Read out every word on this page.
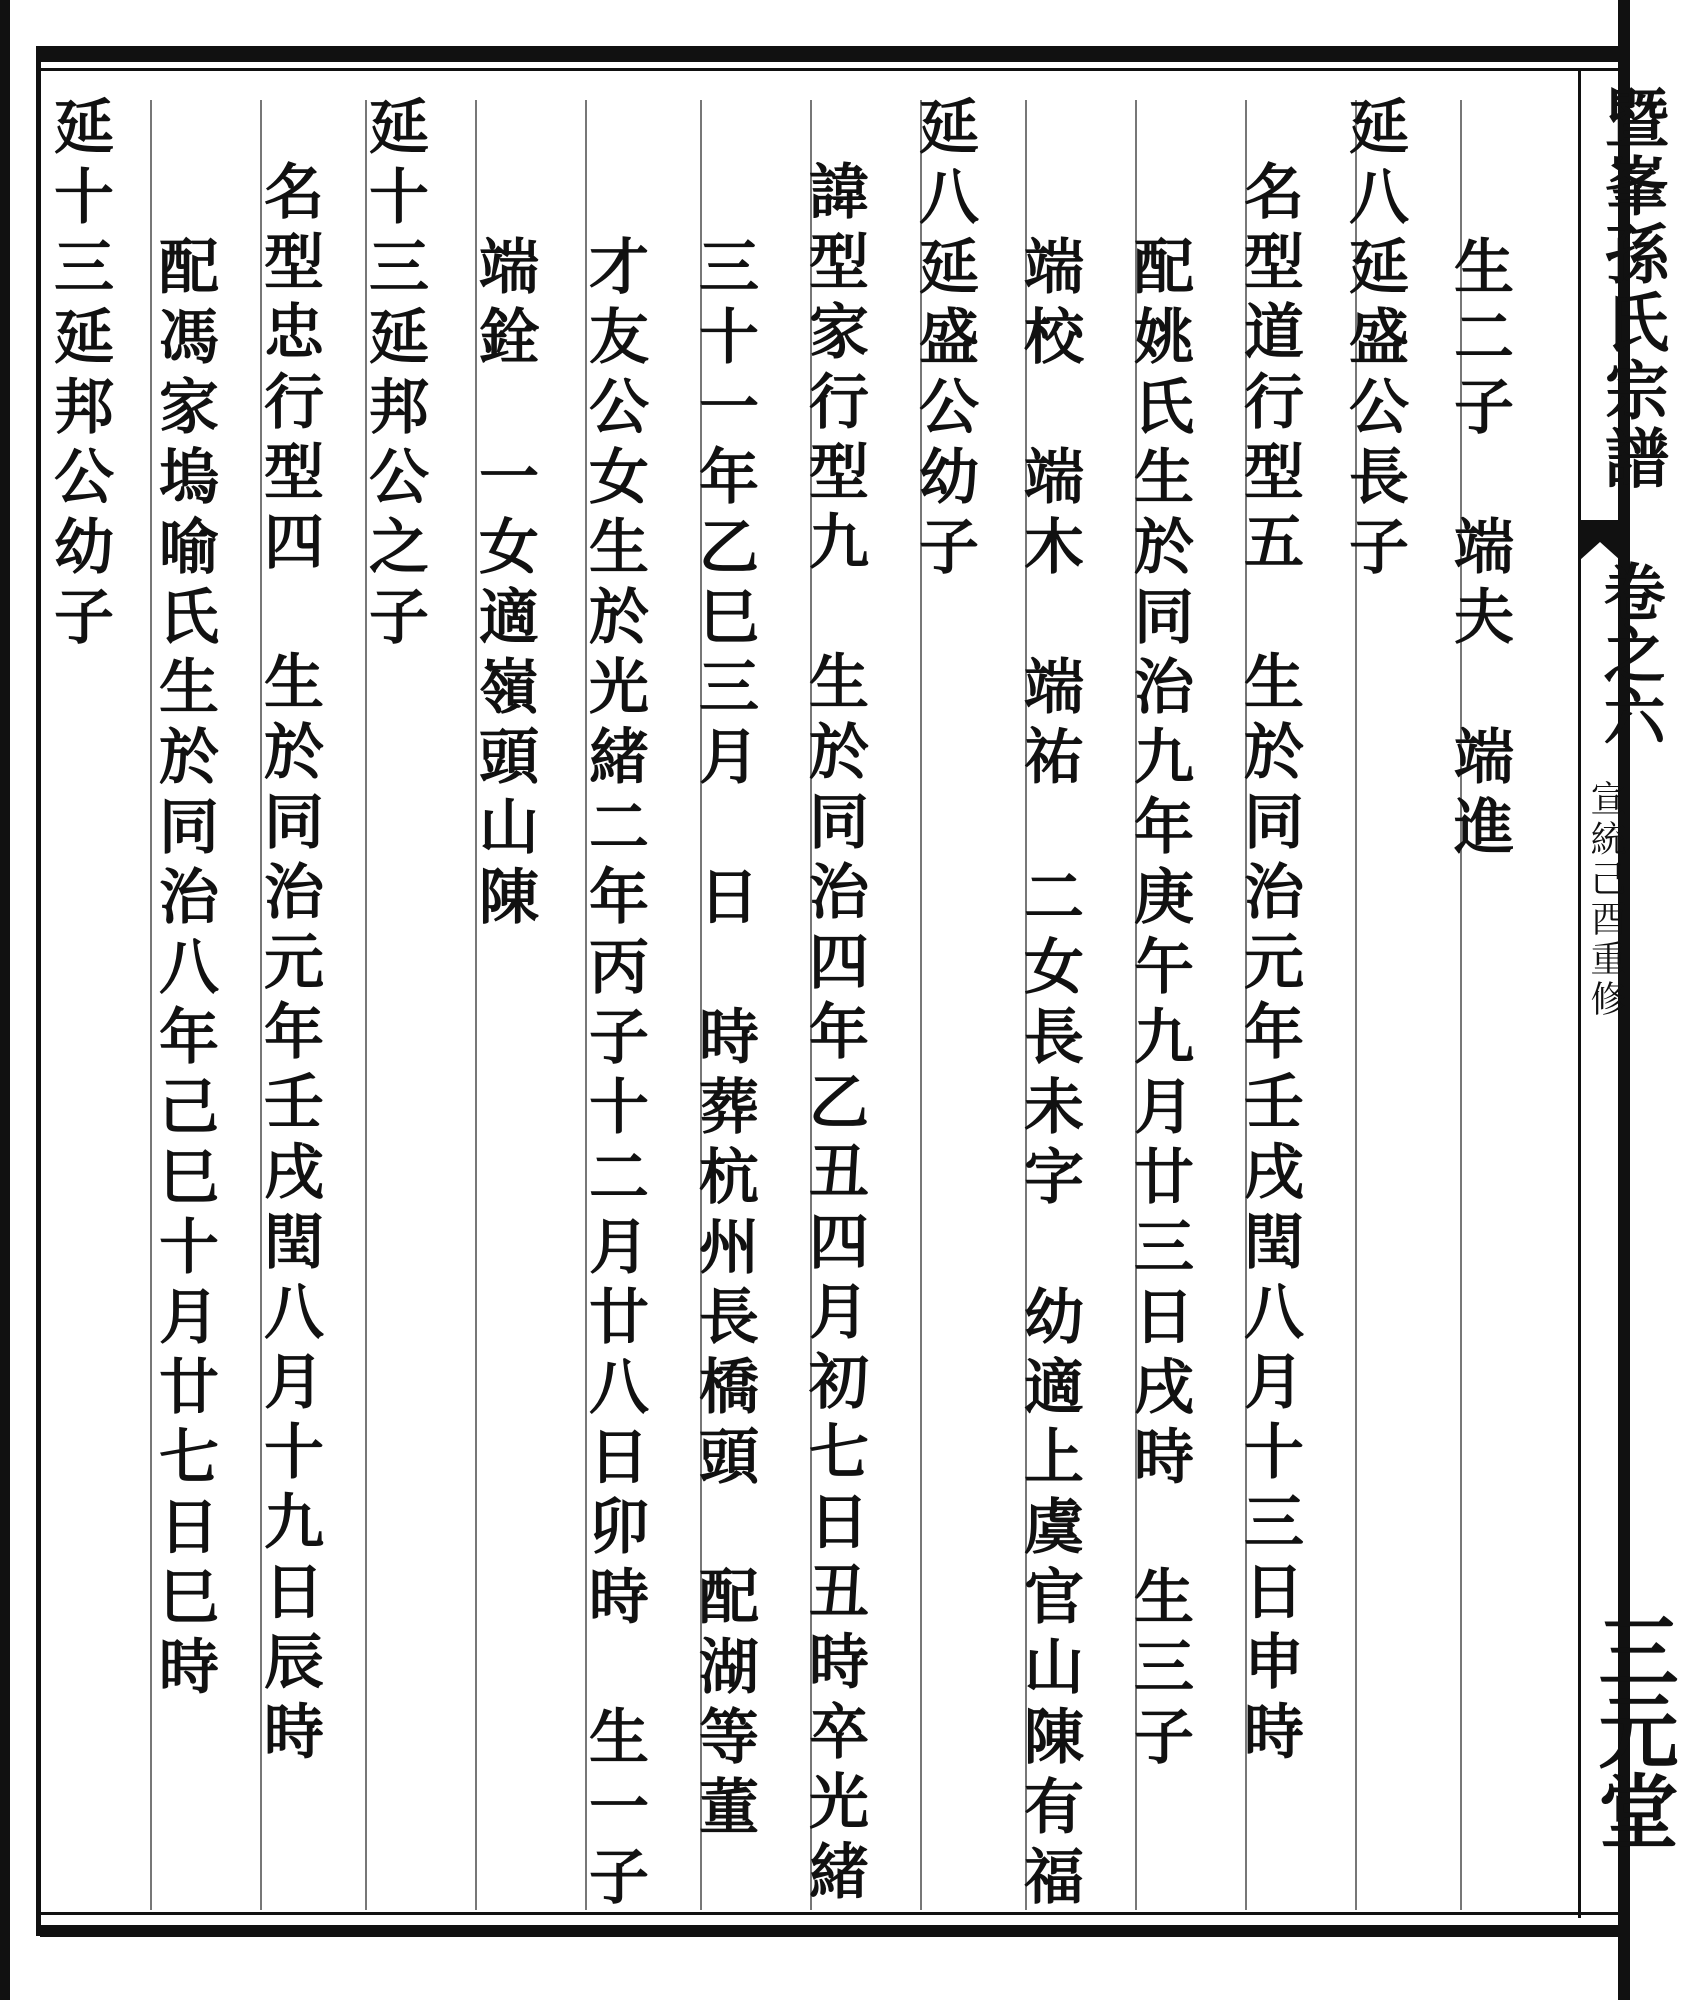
暨峯孫氏宗譜
卷之六
宣統己酉重修
三元堂
生二子　端夫　端進
延八延盛公長子
名型道行型五　生於同治元年壬戌閏八月十三日申時
配姚氏生於同治九年庚午九月廿三日戌時　生三子
端校　端木　端祐　二女長未字　幼適上虞官山陳有福
延八延盛公幼子
諱型家行型九　生於同治四年乙丑四月初七日丑時卒光緒
三十一年乙巳三月　日　時葬杭州長橋頭　配湖等董
才友公女生於光緒二年丙子十二月廿八日卯時　生一子
端銓　一女適嶺頭山陳
延十三延邦公之子
名型忠行型四　生於同治元年壬戌閏八月十九日辰時
配馮家塢喻氏生於同治八年己巳十月廿七日巳時
延十三延邦公幼子
